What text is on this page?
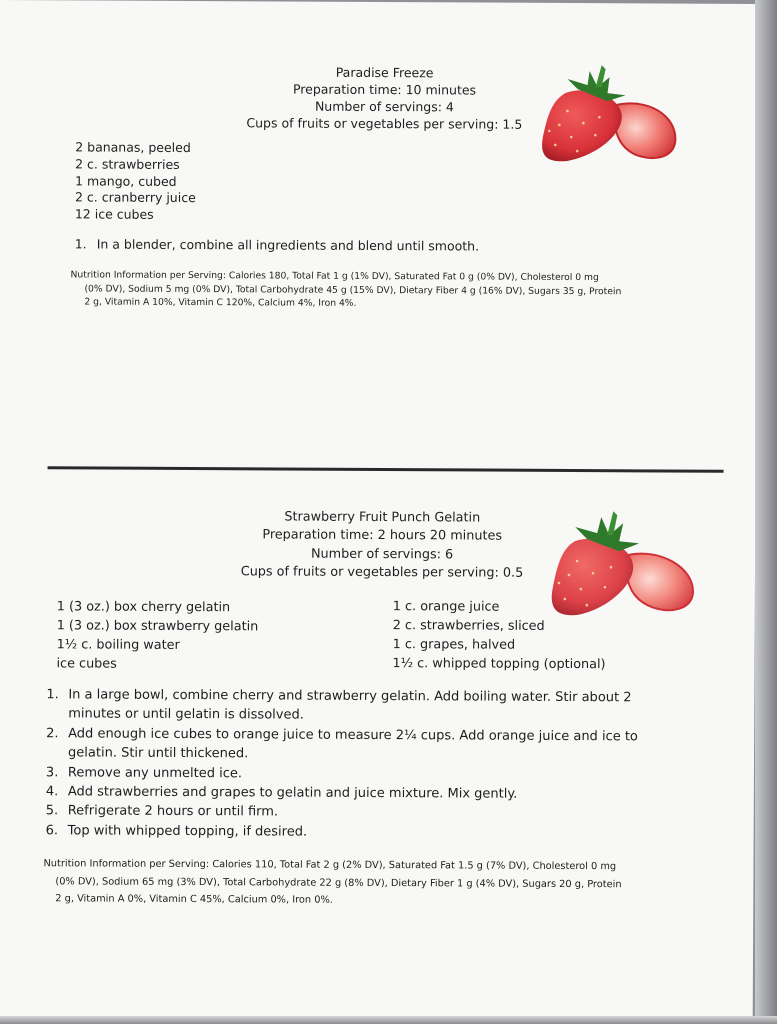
Paradise Freeze
Preparation time: 10 minutes
Number of servings: 4
Cups of fruits or vegetables per serving: 1.5
2 bananas, peeled
2 c. strawberries
1 mango, cubed
2 c. cranberry juice
12 ice cubes
1. In a blender, combine all ingredients and blend until smooth.
Nutrition Information per Serving: Calories 180, Total Fat 1 g (1% DV), Saturated Fat 0 g (0% DV), Cholesterol 0 mg
(0% DV), Sodium 5 mg (0% DV), Total Carbohydrate 45 g (15% DV), Dietary Fiber 4 g (16% DV), Sugars 35 g, Protein
2 g, Vitamin A 10%, Vitamin C 120%, Calcium 4%, Iron 4%.
Strawberry Fruit Punch Gelatin
Preparation time: 2 hours 20 minutes
Number of servings: 6
Cups of fruits or vegetables per serving: 0.5
1 (3 oz.) box cherry gelatin
1 (3 oz.) box strawberry gelatin
1½ c. boiling water
ice cubes
1 c. orange juice
2 c. strawberries, sliced
1 c. grapes, halved
1½ c. whipped topping (optional)
1. In a large bowl, combine cherry and strawberry gelatin. Add boiling water. Stir about 2 minutes or until gelatin is dissolved.
2. Add enough ice cubes to orange juice to measure 2¼ cups. Add orange juice and ice to gelatin. Stir until thickened.
3. Remove any unmelted ice.
4. Add strawberries and grapes to gelatin and juice mixture. Mix gently.
5. Refrigerate 2 hours or until firm.
6. Top with whipped topping, if desired.
Nutrition Information per Serving: Calories 110, Total Fat 2 g (2% DV), Saturated Fat 1.5 g (7% DV), Cholesterol 0 mg
(0% DV), Sodium 65 mg (3% DV), Total Carbohydrate 22 g (8% DV), Dietary Fiber 1 g (4% DV), Sugars 20 g, Protein
2 g, Vitamin A 0%, Vitamin C 45%, Calcium 0%, Iron 0%.
